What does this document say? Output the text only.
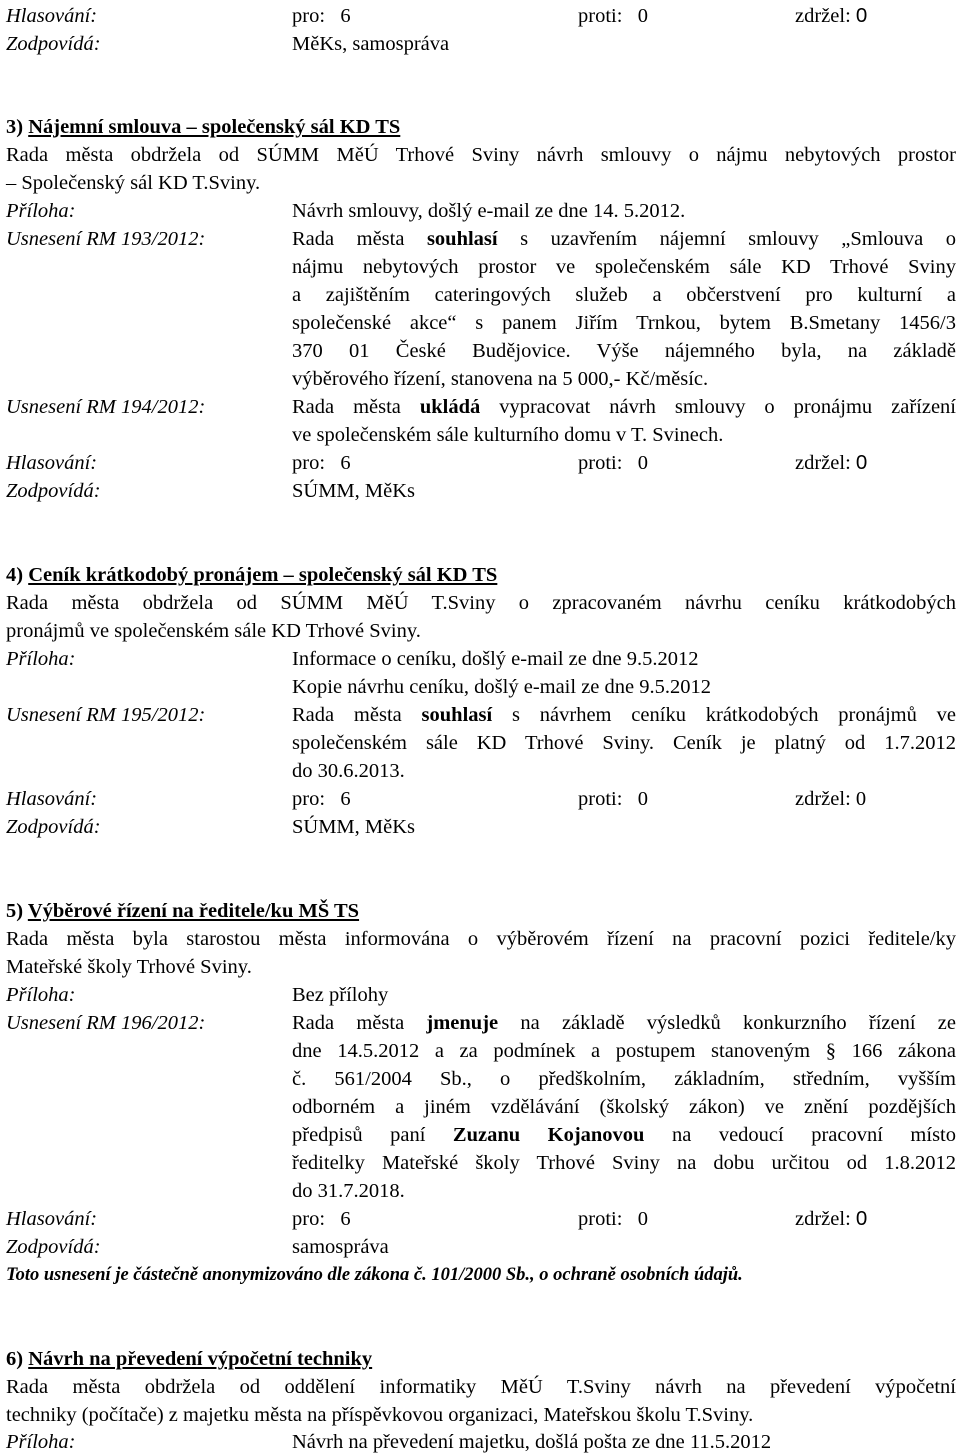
Hlasování:	pro: 6	proti: 0	zdržel: 0
Zodpovídá:	MěKs, samospráva
3) Nájemní smlouva – společenský sál KD TS
Rada města obdržela od SÚMM MěÚ Trhové Sviny návrh smlouvy o nájmu nebytových prostor
– Společenský sál KD T.Sviny.
Příloha:	Návrh smlouvy, došlý e-mail ze dne 14. 5.2012.
Usnesení RM 193/2012:	Rada města souhlasí s uzavřením nájemní smlouvy „Smlouva o
nájmu nebytových prostor ve společenském sále KD Trhové Sviny
a zajištěním cateringových služeb a občerstvení pro kulturní a
společenské akce“ s panem Jiřím Trnkou, bytem B.Smetany 1456/3
370 01 České Budějovice. Výše nájemného byla, na základě
výběrového řízení, stanovena na 5 000,- Kč/měsíc.
Usnesení RM 194/2012:	Rada města ukládá vypracovat návrh smlouvy o pronájmu zařízení
ve společenském sále kulturního domu v T. Svinech.
Hlasování:	pro: 6	proti: 0	zdržel: 0
Zodpovídá:	SÚMM, MěKs
4) Ceník krátkodobý pronájem – společenský sál KD TS
Rada města obdržela od SÚMM MěÚ T.Sviny o zpracovaném návrhu ceníku krátkodobých
pronájmů ve společenském sále KD Trhové Sviny.
Příloha:	Informace o ceníku, došlý e-mail ze dne 9.5.2012
Kopie návrhu ceníku, došlý e-mail ze dne 9.5.2012
Usnesení RM 195/2012:	Rada města souhlasí s návrhem ceníku krátkodobých pronájmů ve
společenském sále KD Trhové Sviny. Ceník je platný od 1.7.2012
do 30.6.2013.
Hlasování:	pro: 6	proti: 0	zdržel: 0
Zodpovídá:	SÚMM, MěKs
5) Výběrové řízení na ředitele/ku MŠ TS
Rada města byla starostou města informována o výběrovém řízení na pracovní pozici ředitele/ky
Mateřské školy Trhové Sviny.
Příloha:	Bez přílohy
Usnesení RM 196/2012:	Rada města jmenuje na základě výsledků konkurzního řízení ze
dne 14.5.2012 a za podmínek a postupem stanoveným § 166 zákona
č. 561/2004 Sb., o předškolním, základním, středním, vyšším
odborném a jiném vzdělávání (školský zákon) ve znění pozdějších
předpisů paní Zuzanu Kojanovou na vedoucí pracovní místo
ředitelky Mateřské školy Trhové Sviny na dobu určitou od 1.8.2012
do 31.7.2018.
Hlasování:	pro: 6	proti: 0	zdržel: 0
Zodpovídá:	samospráva
Toto usnesení je částečně anonymizováno dle zákona č. 101/2000 Sb., o ochraně osobních údajů.
6) Návrh na převedení výpočetní techniky
Rada města obdržela od oddělení informatiky MěÚ T.Sviny návrh na převedení výpočetní
techniky (počítače) z majetku města na příspěvkovou organizaci, Mateřskou školu T.Sviny.
Příloha:	Návrh na převedení majetku, došlá pošta ze dne 11.5.2012
